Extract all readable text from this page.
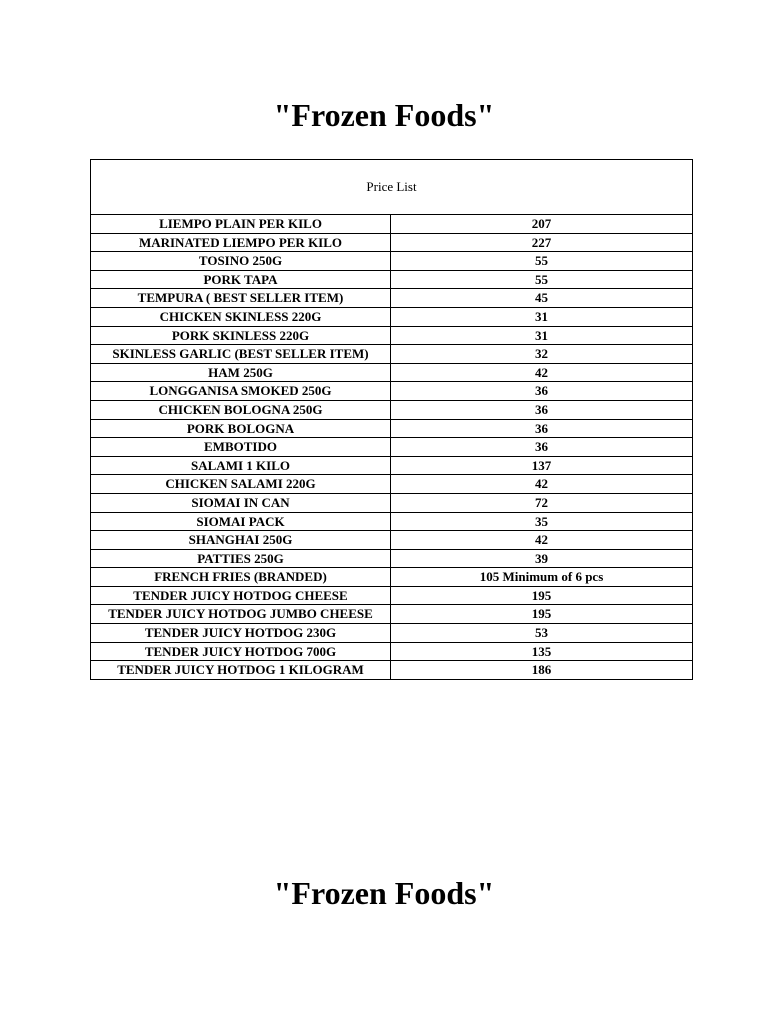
"Frozen Foods"
Price List	
LIEMPO PLAIN PER KILO	207
MARINATED LIEMPO PER KILO	227
TOSINO 250G	55
PORK TAPA	55
TEMPURA ( BEST SELLER ITEM)	45
CHICKEN SKINLESS 220G	31
PORK SKINLESS 220G	31
SKINLESS GARLIC (BEST SELLER ITEM)	32
HAM 250G	42
LONGGANISA SMOKED 250G	36
CHICKEN BOLOGNA 250G	36
PORK BOLOGNA	36
EMBOTIDO	36
SALAMI 1 KILO	137
CHICKEN SALAMI 220G	42
SIOMAI IN CAN	72
SIOMAI PACK	35
SHANGHAI 250G	42
PATTIES 250G	39
FRENCH FRIES (BRANDED)	105 Minimum of 6 pcs
TENDER JUICY HOTDOG CHEESE	195
TENDER JUICY HOTDOG JUMBO CHEESE	195
TENDER JUICY HOTDOG 230G	53
TENDER JUICY HOTDOG 700G	135
TENDER JUICY HOTDOG 1 KILOGRAM	186
"Frozen Foods"
